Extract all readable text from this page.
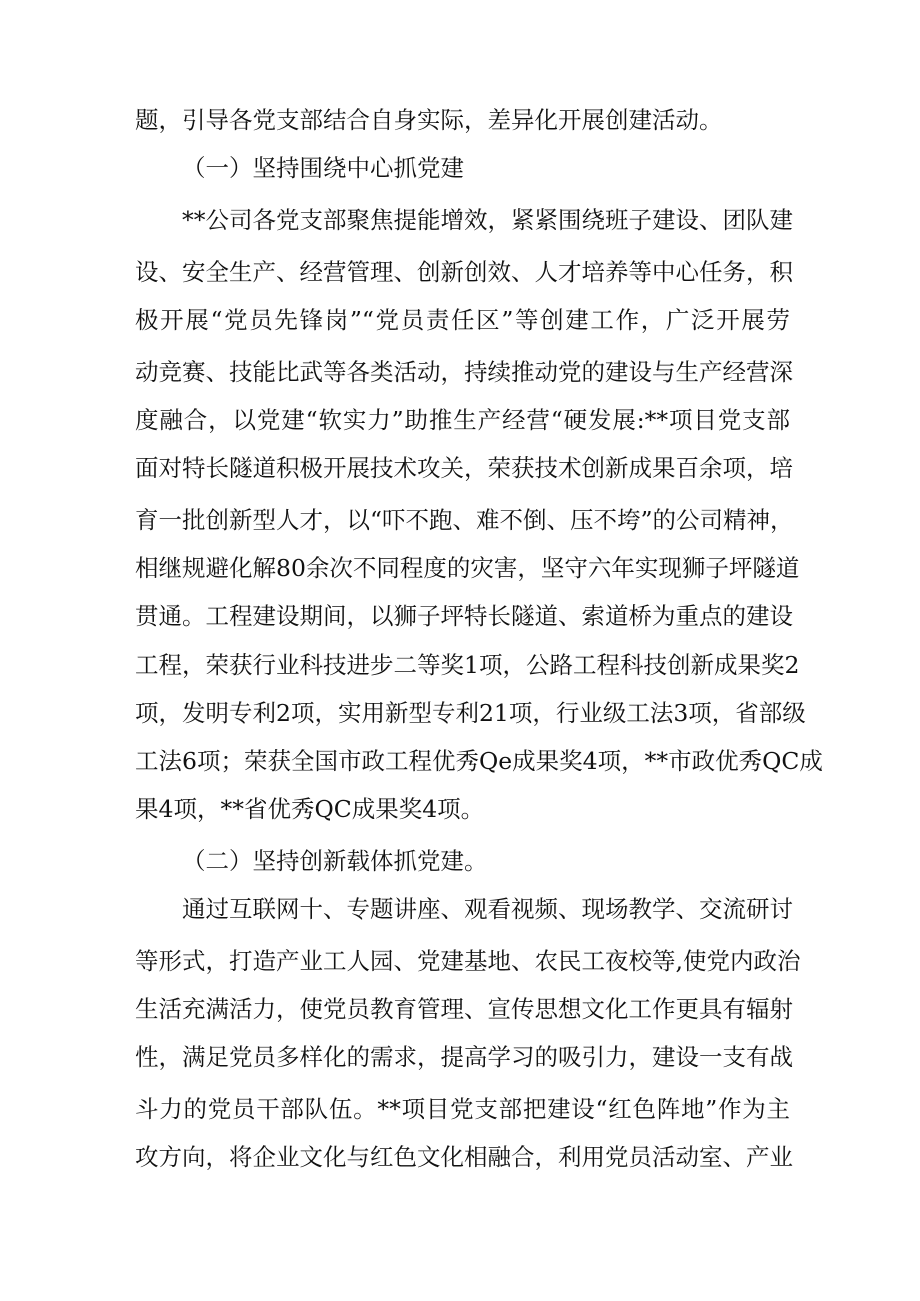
题，引导各党支部结合自身实际，差异化开展创建活动。
（一）坚持围绕中心抓党建
**公司各党支部聚焦提能增效，紧紧围绕班子建设、团队建
设、安全生产、经营管理、创新创效、人才培养等中心任务，积
极开展“党员先锋岗”“党员责任区”等创建工作，广泛开展劳
动竞赛、技能比武等各类活动，持续推动党的建设与生产经营深
度融合，以党建“软实力”助推生产经营“硬发展:**项目党支部
面对特长隧道积极开展技术攻关，荣获技术创新成果百余项，培
育一批创新型人才，以“吓不跑、难不倒、压不垮”的公司精神，
相继规避化解80余次不同程度的灾害，坚守六年实现狮子坪隧道
贯通。工程建设期间，以狮子坪特长隧道、索道桥为重点的建设
工程，荣获行业科技进步二等奖1项，公路工程科技创新成果奖2
项，发明专利2项，实用新型专利21项，行业级工法3项，省部级
工法6项；荣获全国市政工程优秀Qe成果奖4项，**市政优秀QC成
果4项，**省优秀QC成果奖4项。
（二）坚持创新载体抓党建。
通过互联网十、专题讲座、观看视频、现场教学、交流研讨
等形式，打造产业工人园、党建基地、农民工夜校等,使党内政治
生活充满活力，使党员教育管理、宣传思想文化工作更具有辐射
性，满足党员多样化的需求，提高学习的吸引力，建设一支有战
斗力的党员干部队伍。**项目党支部把建设“红色阵地”作为主
攻方向，将企业文化与红色文化相融合，利用党员活动室、产业
